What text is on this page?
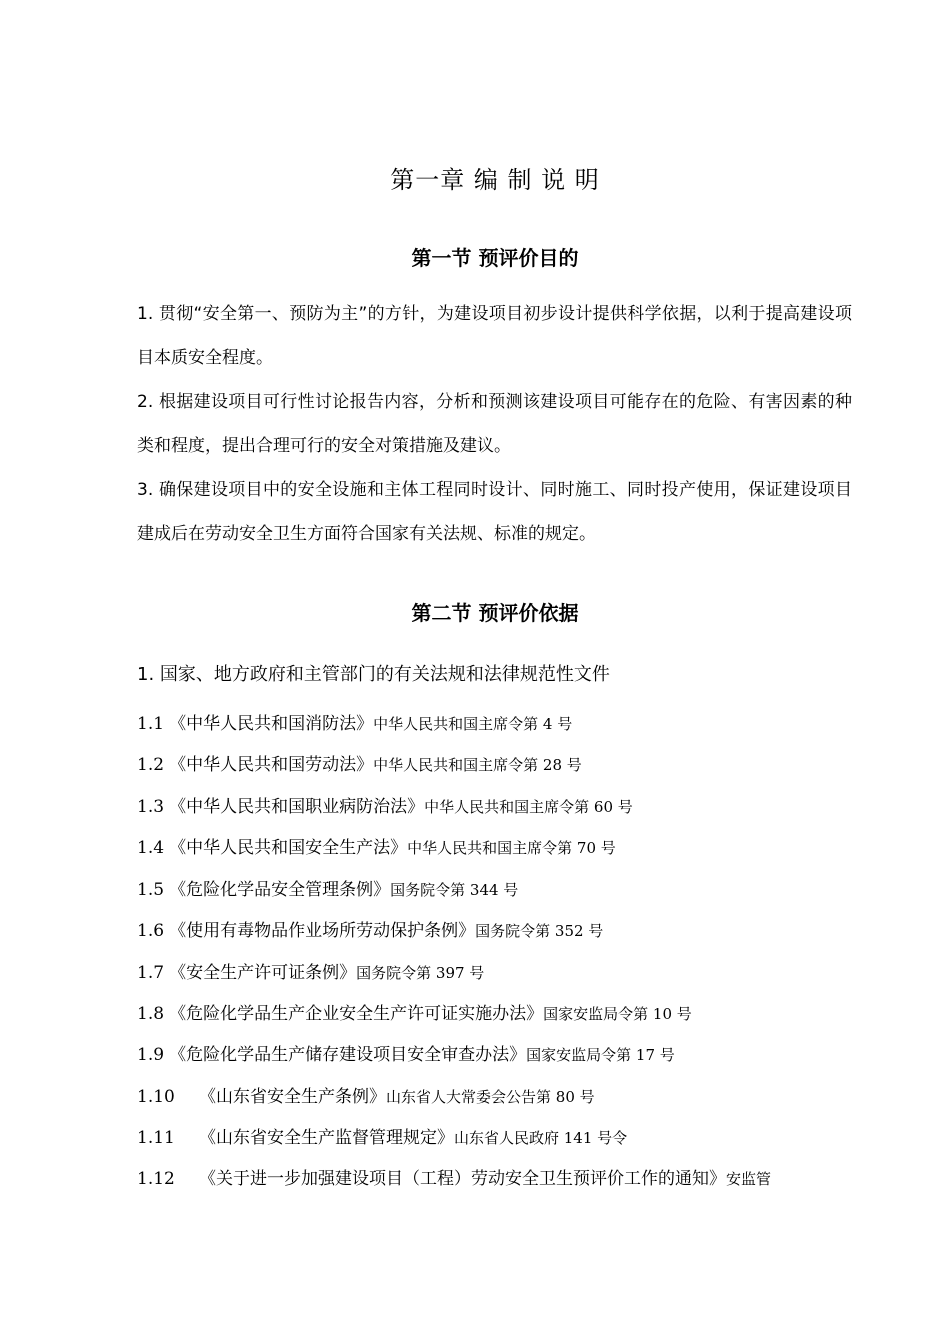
第一章 编 制 说 明
第一节 预评价目的

1. 贯彻“安全第一、预防为主”的方针，为建设项目初步设计提供科学依据，以利于提高建设项目本质安全程度。

2. 根据建设项目可行性讨论报告内容，分析和预测该建设项目可能存在的危险、有害因素的种类和程度，提出合理可行的安全对策措施及建议。

3. 确保建设项目中的安全设施和主体工程同时设计、同时施工、同时投产使用，保证建设项目建成后在劳动安全卫生方面符合国家有关法规、标准的规定。

第二节 预评价依据
1. 国家、地方政府和主管部门的有关法规和法律规范性文件
1.1 《中华人民共和国消防法》中华人民共和国主席令第 4 号
1.2 《中华人民共和国劳动法》中华人民共和国主席令第 28 号
1.3 《中华人民共和国职业病防治法》中华人民共和国主席令第 60 号
1.4 《中华人民共和国安全生产法》中华人民共和国主席令第 70 号
1.5 《危险化学品安全管理条例》国务院令第 344 号
1.6 《使用有毒物品作业场所劳动保护条例》国务院令第 352 号
1.7 《安全生产许可证条例》国务院令第 397 号
1.8 《危险化学品生产企业安全生产许可证实施办法》国家安监局令第 10 号
1.9 《危险化学品生产储存建设项目安全审查办法》国家安监局令第 17 号
1.10 《山东省安全生产条例》山东省人大常委会公告第 80 号
1.11 《山东省安全生产监督管理规定》山东省人民政府 141 号令
1.12 《关于进一步加强建设项目（工程）劳动安全卫生预评价工作的通知》安监管
